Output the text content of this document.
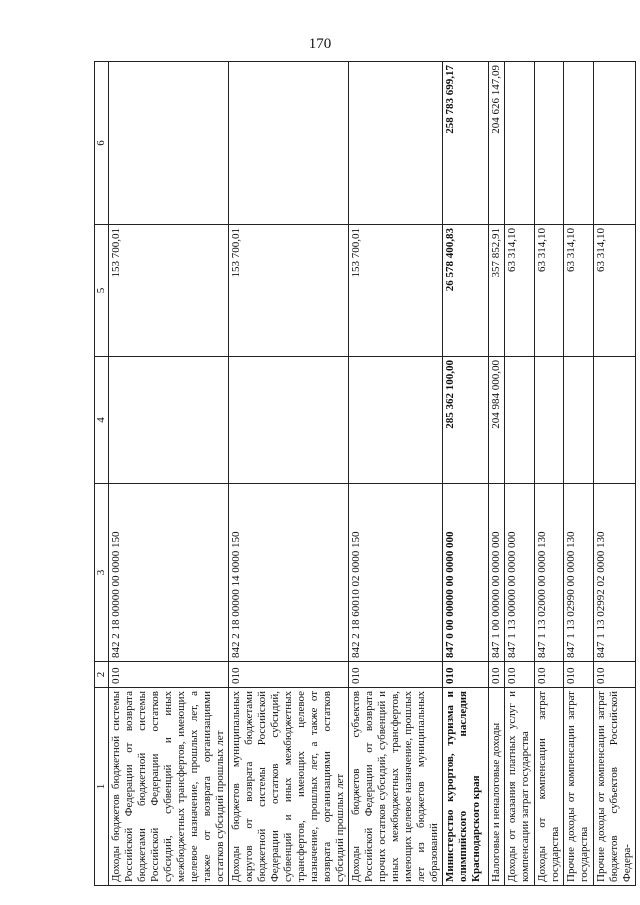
170
1	2	3	4	5	6
Доходы бюджетов бюджетной системы Российской Федерации от возврата бюджетами бюджетной системы Российской Федерации остатков субсидий, субвенций и иных межбюджетных трансфертов, имеющих целевое назначение, прошлых лет, а также от возврата организациями остатков субсидий прошлых лет	010	842 2 18 00000 00 0000 150		153 700,01	
Доходы бюджетов муниципальных округов от возврата бюджетами бюджетной системы Российской Федерации остатков субсидий, субвенций и иных межбюджетных трансфертов, имеющих целевое назначение, прошлых лет, а также от возврата организациями остатков субсидий прошлых лет	010	842 2 18 00000 14 0000 150		153 700,01	
Доходы бюджетов субъектов Российской Федерации от возврата прочих остатков субсидий, субвенций и иных межбюджетных трансфертов, имеющих целевое назначение, прошлых лет из бюджетов муниципальных образований	010	842 2 18 60010 02 0000 150		153 700,01	
Министерство курортов, туризма и олимпийского наследия Краснодарского края	010	847 0 00 00000 00 0000 000	285 362 100,00	26 578 400,83	258 783 699,17
Налоговые и неналоговые доходы	010	847 1 00 00000 00 0000 000	204 984 000,00	357 852,91	204 626 147,09
Доходы от оказания платных услуг и компенсации затрат государства	010	847 1 13 00000 00 0000 000		63 314,10	
Доходы от компенсации затрат государства	010	847 1 13 02000 00 0000 130		63 314,10	
Прочие доходы от компенсации затрат государства	010	847 1 13 02990 00 0000 130		63 314,10	
Прочие доходы от компенсации затрат бюджетов субъектов Российской Федера-	010	847 1 13 02992 02 0000 130		63 314,10	
